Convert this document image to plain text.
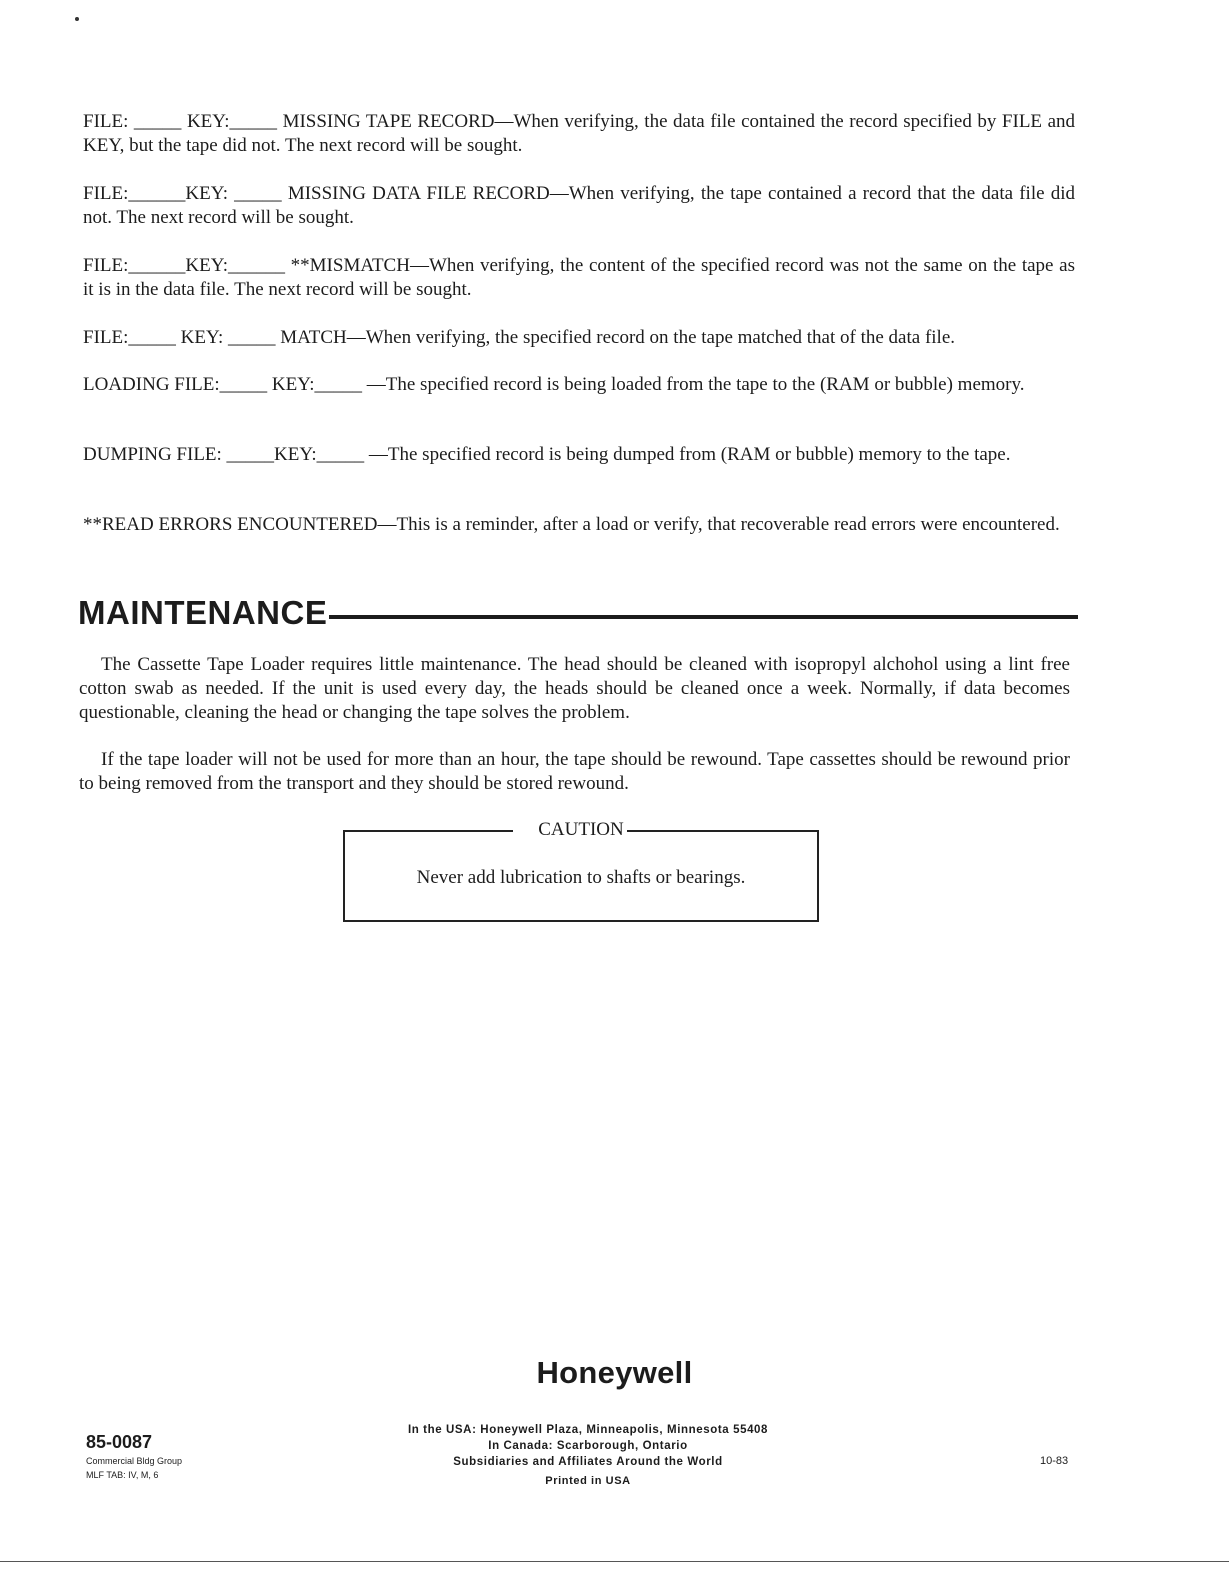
FILE: _____ KEY:_____ MISSING TAPE RECORD—When verifying, the data file contained the record specified by FILE and KEY, but the tape did not. The next record will be sought.
FILE:______KEY: _____ MISSING DATA FILE RECORD—When verifying, the tape contained a record that the data file did not. The next record will be sought.
FILE:______KEY:______ **MISMATCH—When verifying, the content of the specified record was not the same on the tape as it is in the data file. The next record will be sought.
FILE:_____ KEY: _____ MATCH—When verifying, the specified record on the tape matched that of the data file.
LOADING FILE:_____ KEY:_____ —The specified record is being loaded from the tape to the (RAM or bubble) memory.
DUMPING FILE: _____KEY:_____ —The specified record is being dumped from (RAM or bubble) memory to the tape.
**READ ERRORS ENCOUNTERED—This is a reminder, after a load or verify, that recoverable read errors were encountered.
MAINTENANCE
The Cassette Tape Loader requires little maintenance. The head should be cleaned with isopropyl alchohol using a lint free cotton swab as needed. If the unit is used every day, the heads should be cleaned once a week. Normally, if data becomes questionable, cleaning the head or changing the tape solves the problem.
If the tape loader will not be used for more than an hour, the tape should be rewound. Tape cassettes should be rewound prior to being removed from the transport and they should be stored rewound.
CAUTION
Never add lubrication to shafts or bearings.
Honeywell
85-0087
Commercial Bldg Group
MLF TAB: IV, M, 6
In the USA: Honeywell Plaza, Minneapolis, Minnesota 55408
In Canada: Scarborough, Ontario
Subsidiaries and Affiliates Around the World
Printed in USA
10-83
